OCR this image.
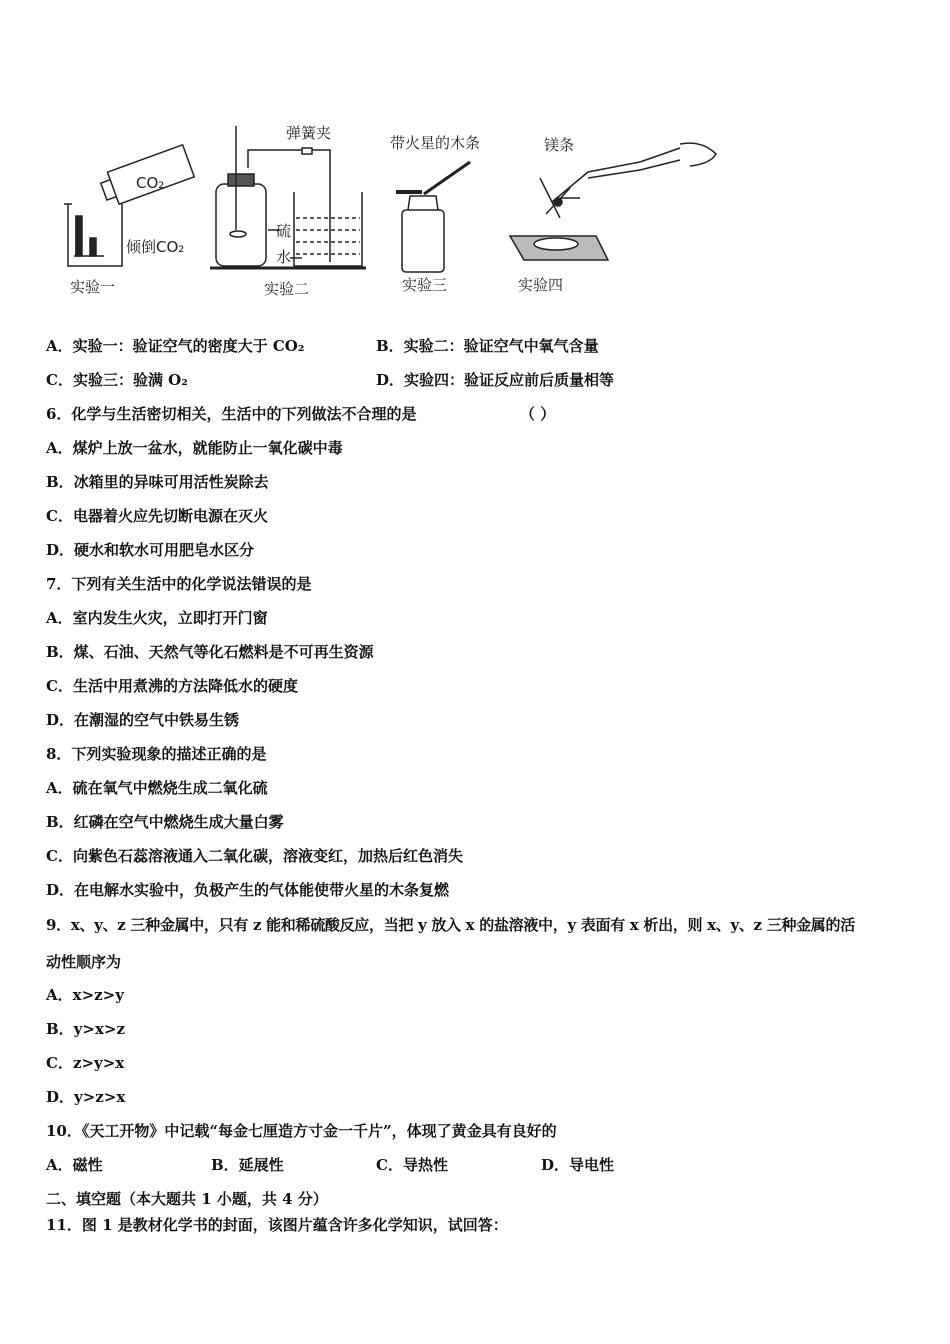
CO₂
倾倒CO₂
实验一
弹簧夹
硫
水
实验二
带火星的木条
实验三
镁条
实验四
A．实验一：验证空气的密度大于 CO₂	B．实验二：验证空气中氧气含量
C．实验三：验满 O₂	D．实验四：验证反应前后质量相等
6．化学与生活密切相关，生活中的下列做法不合理的是	（ ）
A．煤炉上放一盆水，就能防止一氧化碳中毒
B．冰箱里的异味可用活性炭除去
C．电器着火应先切断电源在灭火
D．硬水和软水可用肥皂水区分
7．下列有关生活中的化学说法错误的是
A．室内发生火灾，立即打开门窗
B．煤、石油、天然气等化石燃料是不可再生资源
C．生活中用煮沸的方法降低水的硬度
D．在潮湿的空气中铁易生锈
8．下列实验现象的描述正确的是
A．硫在氧气中燃烧生成二氧化硫
B．红磷在空气中燃烧生成大量白雾
C．向紫色石蕊溶液通入二氧化碳，溶液变红，加热后红色消失
D．在电解水实验中，负极产生的气体能使带火星的木条复燃
9．x、y、z 三种金属中，只有 z 能和稀硫酸反应，当把 y 放入 x 的盐溶液中，y 表面有 x 析出，则 x、y、z 三种金属的活
动性顺序为
A．x>z>y
B．y>x>z
C．z>y>x
D．y>z>x
10．《天工开物》中记载“每金七厘造方寸金一千片”，体现了黄金具有良好的
A．磁性	B．延展性	C．导热性	D．导电性
二、填空题（本大题共 1 小题，共 4 分）
11．图 1 是教材化学书的封面，该图片蕴含许多化学知识，试回答：
